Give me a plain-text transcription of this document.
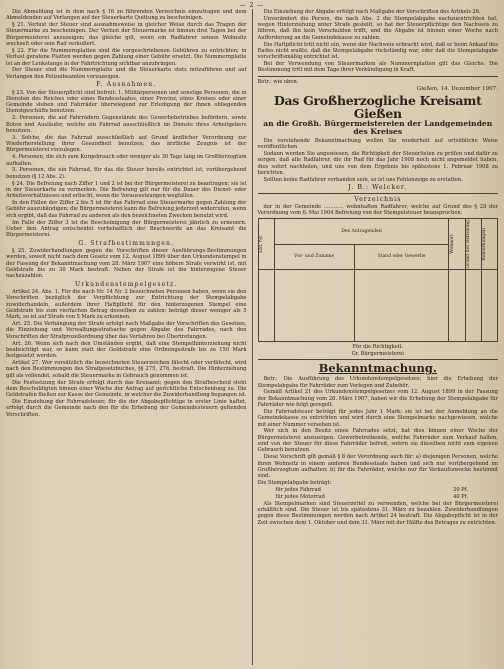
— 2 —
Die Abmeldung ist in dem nach § 16 zu führenden Verzeichnis einzutragen und dem Abmeldenden auf Verlangen auf der Steuerkarte Quittung zu bescheinigen.
§ 21. Verlust der Steuer sind ausnahmsweise in gleicher Weise durch das Tragen der Steuermarke zu bescheinigen. Der Verlust der Steuermarke ist binnen drei Tagen bei der Bürgermeisterei anzuzeigen; das gleiche gilt, wenn ein Radfahrer seinen Wohnsitz wechselt oder sein Rad veräußert.
§ 22. Für die Nummernplatten sind die vorgeschriebenen Gebühren zu entrichten; in Verlust geratene Platten werden gegen Zahlung einer Gebühr ersetzt. Die Nummernplatte ist an der Lenkstange in der Fahrtrichtung sichtbar anzubringen.
Der Steuer sind die Nummernplatte und die Steuerkarte stets mitzuführen und auf Verlangen den Polizeibeamten vorzuzeigen.
F. Ausnahmen.
§ 23. Von der Steuerpflicht sind befreit: 1. Militärpersonen und sonstige Personen, die in Diensten des Reiches oder eines Bundesstaates, einer Provinz, eines Kreises oder einer Gemeinde stehen und Fahrräder überwiegend zur Erledigung der ihnen obliegenden Dienstgeschäfte benutzen.
2. Personen, die auf Fahrrädern Gegenstände des Gewerbebetriebes befördern, sowie Boten und Ausläufer, welche ein Fahrrad ausschließlich im Dienste ihres Arbeitgebers benutzen.
3. Solche, die das Fahrrad ausschließlich auf Grund ärztlicher Verordnung zur Wiederherstellung ihrer Gesundheit benutzen; das ärztliche Zeugnis ist der Bürgermeisterei vorzulegen.
4. Personen, die sich zum Kurgebrauch oder weniger als 30 Tage lang im Großherzogtum aufhalten.
5. Personen, die ein Fahrrad, für das die Steuer bereits entrichtet ist, vorübergehend benutzen (§ 12 Abs. 2).
§ 24. Die Befreiung nach Ziffer 1 und 2 ist bei der Bürgermeisterei zu beantragen; sie ist in der Steuerkarte zu vermerken. Die Befreiung gilt nur für die Dauer des Dienst- oder Arbeitsverhältnisses und erlischt, wenn die Voraussetzungen wegfallen.
In den Fällen der Ziffer 2 bis 5 ist für das Fahrrad eine Steuermarke gegen Zahlung der Gebühr auszuhändigen; die Bürgermeisterei kann die Befreiung jederzeit widerrufen, wenn sich ergibt, daß das Fahrrad zu anderen als den bezeichneten Zwecken benutzt wird.
Im Falle der Ziffer 3 ist die Bescheinigung der Bürgermeisterei jährlich zu erneuern. Ueber den Antrag entscheidet vorbehaltlich der Beschwerde an das Kreisamt die Bürgermeisterei.
G. Strafbestimmungen.
§ 25. Zuwiderhandlungen gegen die Vorschriften dieser Ausführungs-Bestimmungen werden, soweit nicht nach dem Gesetz vom 12. August 1899 über den Urkundenstempel in der Fassung der Bekanntmachung vom 28. März 1907 eine höhere Strafe verwirkt ist, mit Geldstrafe bis zu 30 Mark bestraft. Neben der Strafe ist die hinterzogene Steuer nachzuzahlen.
Urkundenstempelgesetz.
Artikel 24. Abs. 1. Für die nach Nr. 14 Nr. 2 bezeichneten Personen haben, wenn sie den Vorschriften bezüglich der Verpflichtung zur Entrichtung der Stempelabgabe zuwiderhandeln, außerdem ihrer Haftpflicht für den hinterzogenen Stempel eine Geldstrafe bis zum vierfachen Betrag desselben zu zahlen; beträgt dieser weniger als 5 Mark, so ist auf Strafe von 5 Mark zu erkennen.
Art. 25. Die Verhängung der Strafe erfolgt nach Maßgabe der Vorschriften des Gesetzes, die Einziehung und Verwaltungsstrafsache gegen Abgabe des Fahrrades, nach den Vorschriften der Strafprozeßordnung über das Verfahren bei Übertretungen.
Art. 26. Wenn sich nach den Umständen ergibt, daß eine Stempelhinterziehung nicht beabsichtigt war, so kann statt der Geldstrafe eine Ordnungsstrafe bis zu 150 Mark festgesetzt werden.
Artikel 27. Wer vorsätzlich die bezeichneten Steuerzeichen fälscht oder verfälscht, wird nach den Bestimmungen des Strafgesetzbuches, §§ 275, 276, bestraft. Die Hinterziehung gilt als vollendet, sobald die Steuermarke in Gebrauch genommen ist.
Die Festsetzung der Strafe erfolgt durch das Kreisamt; gegen den Strafbescheid steht dem Beschuldigten binnen einer Woche der Antrag auf gerichtliche Entscheidung zu. Die Geldstrafen fließen zur Kasse der Gemeinde, in welcher die Zuwiderhandlung begangen ist.
Die Einziehung der Fahrradsteuer, für die der Abgabepflichtige in erster Linie haftet, erfolgt durch die Gemeinde nach den für die Erhebung der Gemeindesteuern geltenden Vorschriften.
Die Einziehung der Abgabe erfolgt nach Maßgabe der Vorschriften des Artikels 26.
Unverändert die Person, die nach Abs. 2 die Stempelabgabe nachzuentrichten hat, wegen Hinterziehung unter Strafe gestellt, so hat der Steuerpflichtige den Nachweis zu führen, daß ihn kein Verschulden trifft, und die Abgabe ist binnen einer Woche nach Aufforderung an die Gemeindekasse zu zahlen.
Die Haftpflicht tritt nicht ein, wenn der Nachweis erbracht wird, daß er beim Ankauf des Rades nicht wußte, daß die Stempelabgabe rückständig war, oder daß die Stempelabgabe vorschriftsmäßig entrichtet ist.
Bei der Verwendung von Steuermarken als Nummernplatten gilt das Gleiche. Die Bestimmung tritt mit dem Tage ihrer Verkündigung in Kraft.
Betr.: wie oben.
Gießen, 14. Dezember 1907.
Das Großherzogliche Kreisamt Gießen
an die Großh. Bürgermeistereien der Landgemeinden
des Kreises
Die vorstehende Bekanntmachung wollen Sie wiederholt auf ortsübliche Weise veröffentlichen.
Sodann werden Sie angewiesen, die Richtigkeit der Steuerlisten zu prüfen und dafür zu sorgen, daß alle Radfahrer, die ihr Rad für das Jahr 1908 noch nicht angemeldet haben, dies sofort nachholen, und uns von dem Ergebnis bis spätestens 1. Februar 1908 zu berichten.
Sollten keine Radfahrer vorhanden sein, so ist uns Fehlanzeige zu erstatten.
J. B.: Welcker.
Verzeichnis
der in der Gemeinde ............ wohnhaften Radfahrer, welche auf Grund des § 28 der Verordnung vom 6. Mai 1904 Befreiung von der Stempelsteuer beanspruchen.
Lfd. Nr.	Des Antragenden		Wohnort	Grund der Befreiung	Bemerkungen

	Vor- und Zuname	Stand oder Gewerbe			

Für die Richtigkeit.
Gr. Bürgermeisterei
Bekanntmachung.
Betr.: Die Ausführung des Urkundenstempelgesetzes; hier die Erhebung der Stempelabgabe für Fahrräder zum Vorlegen und Zubehör.
Gemäß Artikel 21 des Urkundenstempelgesetzes vom 12. August 1899 in der Fassung der Bekanntmachung vom 28. März 1907, haben wir die Erhebung der Stempelabgabe für Fahrräder wie folgt geregelt.
Die Fahrradsteuer beträgt für jedes Jahr 1 Mark; sie ist bei der Anmeldung an die Gemeindekasse zu entrichten und wird durch eine Stempelmarke nachgewiesen, welche mit einer Nummer versehen ist.
Wer sich in den Besitz eines Fahrrades setzt, hat dies binnen einer Woche der Bürgermeisterei anzuzeigen. Gewerbetreibende, welche Fahrräder zum Verkauf halten, sind von der Steuer für diese Fahrräder befreit, sofern sie dieselben nicht zum eigenen Gebrauch benutzen.
Diese Vorschrift gilt gemäß § 8 der Verordnung auch für: a) diejenigen Personen, welche ihren Wohnsitz in einem anderen Bundesstaate haben und sich nur vorübergehend im Großherzogtum aufhalten; b) für die Fahrräder, welche nur für Verkaufszwecke bestimmt sind.
Die Stempelabgabe beträgt:
für jedes Fahrrad	20 Pf.
für jedes Motorrad	40 Pf.
Als Stempelmarken sind Steuerzettel zu verwenden, welche bei der Bürgermeisterei erhältlich sind. Die Steuer ist bis spätestens 31. März zu bezahlen. Zuwiderhandlungen gegen diese Bestimmungen werden nach Artikel 24 bestraft. Die Abgabepflicht ist in der Zeit zwischen dem 1. Oktober und dem 31. März mit der Hälfte des Betrages zu entrichten.
